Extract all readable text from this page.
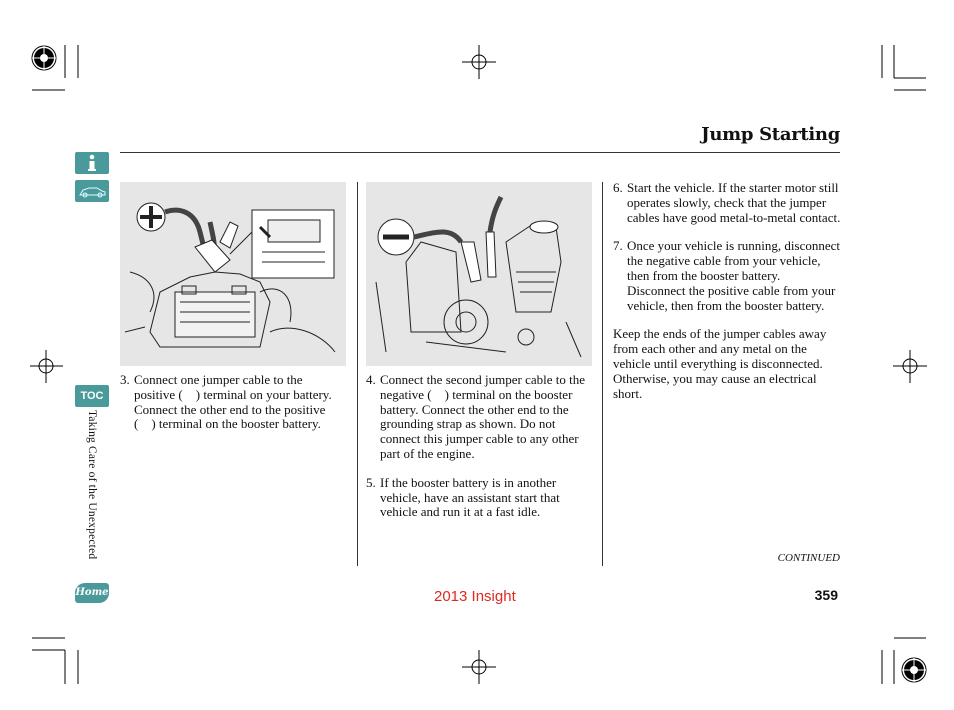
Jump Starting
TOC
Taking Care of the Unexpected
Home
3. Connect one jumper cable to the positive (    ) terminal on your battery. Connect the other end to the positive (    ) terminal on the booster battery.

4. Connect the second jumper cable to the negative (    ) terminal on the booster battery. Connect the other end to the grounding strap as shown. Do not connect this jumper cable to any other part of the engine.

5. If the booster battery is in another vehicle, have an assistant start that vehicle and run it at a fast idle.

6. Start the vehicle. If the starter motor still operates slowly, check that the jumper cables have good metal-to-metal contact.

7. Once your vehicle is running, disconnect the negative cable from your vehicle, then from the booster battery. Disconnect the positive cable from your vehicle, then from the booster battery.

Keep the ends of the jumper cables away from each other and any metal on the vehicle until everything is disconnected. Otherwise, you may cause an electrical short.

CONTINUED
2013 Insight	359
